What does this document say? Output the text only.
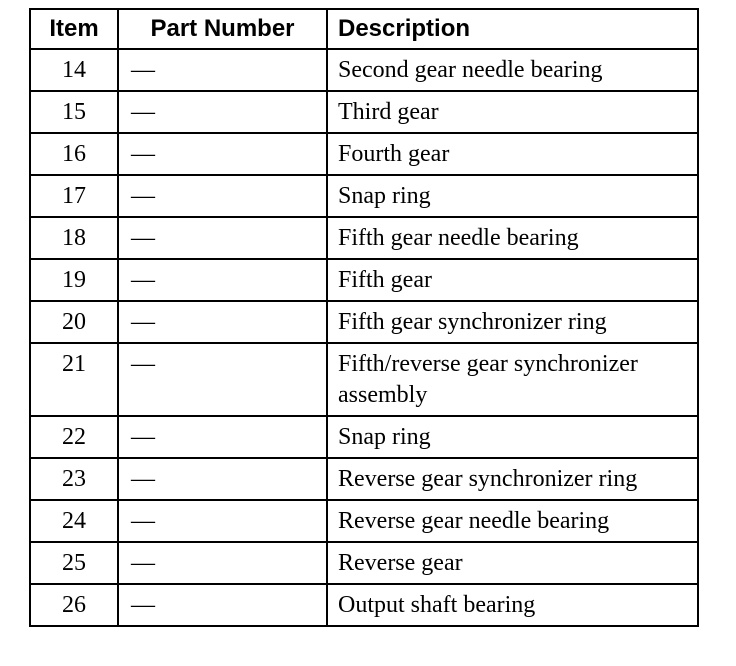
Item	Part Number	Description
14	—	Second gear needle bearing
15	—	Third gear
16	—	Fourth gear
17	—	Snap ring
18	—	Fifth gear needle bearing
19	—	Fifth gear
20	—	Fifth gear synchronizer ring
21	—	Fifth/reverse gear synchronizer assembly
22	—	Snap ring
23	—	Reverse gear synchronizer ring
24	—	Reverse gear needle bearing
25	—	Reverse gear
26	—	Output shaft bearing
